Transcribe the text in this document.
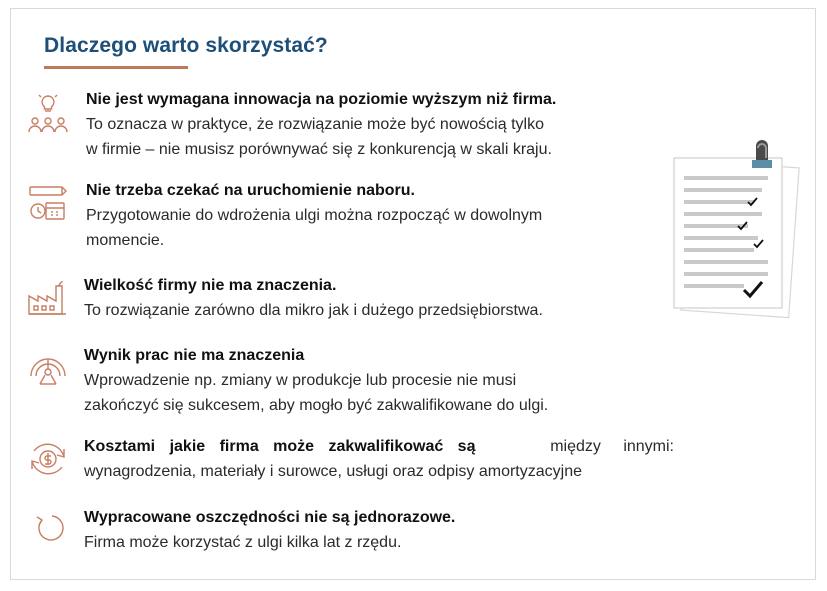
Dlaczego warto skorzystać?
Nie jest wymagana innowacja na poziomie wyższym niż firma.
To oznacza w praktyce, że rozwiązanie może być nowością tylko
w firmie – nie musisz porównywać się z konkurencją w skali kraju.
Nie trzeba czekać na uruchomienie naboru.
Przygotowanie do wdrożenia ulgi można rozpocząć w dowolnym
momencie.
Wielkość firmy nie ma znaczenia.
To rozwiązanie zarówno dla mikro jak i dużego przedsiębiorstwa.
Wynik prac nie ma znaczenia
Wprowadzenie np. zmiany w produkcje lub procesie nie musi
zakończyć się sukcesem, aby mogło być zakwalifikowane do ulgi.
Kosztami jakie firma może zakwalifikować są	między innymi:
wynagrodzenia, materiały i surowce, usługi oraz odpisy amortyzacyjne
Wypracowane oszczędności nie są jednorazowe.
Firma może korzystać z ulgi kilka lat z rzędu.
